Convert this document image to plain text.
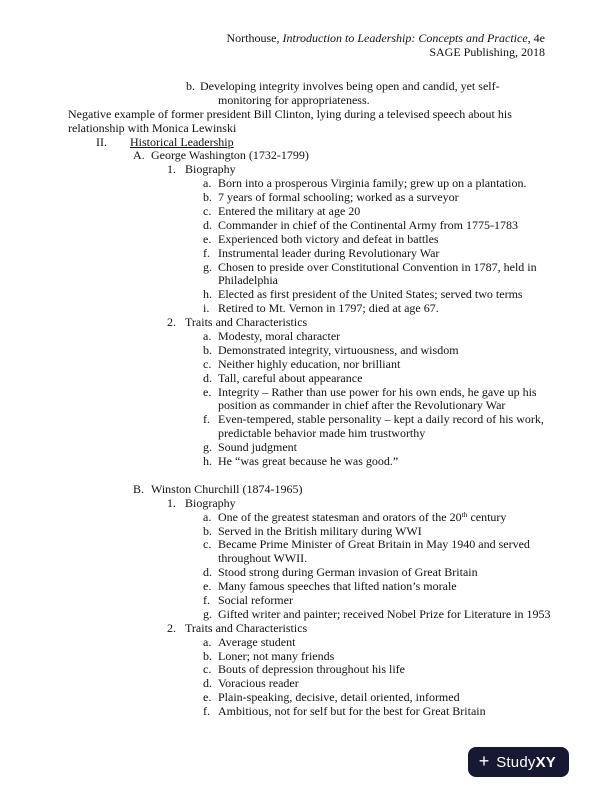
Northouse, Introduction to Leadership: Concepts and Practice, 4e
SAGE Publishing, 2018
b. Developing integrity involves being open and candid, yet self-
monitoring for appropriateness.
Negative example of former president Bill Clinton, lying during a televised speech about his
relationship with Monica Lewinski
II. Historical Leadership
A. George Washington (1732-1799)
1. Biography
a. Born into a prosperous Virginia family; grew up on a plantation.
b. 7 years of formal schooling; worked as a surveyor
c. Entered the military at age 20
d. Commander in chief of the Continental Army from 1775-1783
e. Experienced both victory and defeat in battles
f. Instrumental leader during Revolutionary War
g. Chosen to preside over Constitutional Convention in 1787, held in
Philadelphia
h. Elected as first president of the United States; served two terms
i. Retired to Mt. Vernon in 1797; died at age 67.
2. Traits and Characteristics
a. Modesty, moral character
b. Demonstrated integrity, virtuousness, and wisdom
c. Neither highly education, nor brilliant
d. Tall, careful about appearance
e. Integrity – Rather than use power for his own ends, he gave up his
position as commander in chief after the Revolutionary War
f. Even-tempered, stable personality – kept a daily record of his work,
predictable behavior made him trustworthy
g. Sound judgment
h. He “was great because he was good.”
B. Winston Churchill (1874-1965)
1. Biography
a. One of the greatest statesman and orators of the 20th century
b. Served in the British military during WWI
c. Became Prime Minister of Great Britain in May 1940 and served
throughout WWII.
d. Stood strong during German invasion of Great Britain
e. Many famous speeches that lifted nation’s morale
f. Social reformer
g. Gifted writer and painter; received Nobel Prize for Literature in 1953
2. Traits and Characteristics
a. Average student
b. Loner; not many friends
c. Bouts of depression throughout his life
d. Voracious reader
e. Plain-speaking, decisive, detail oriented, informed
f. Ambitious, not for self but for the best for Great Britain
+ StudyXY
